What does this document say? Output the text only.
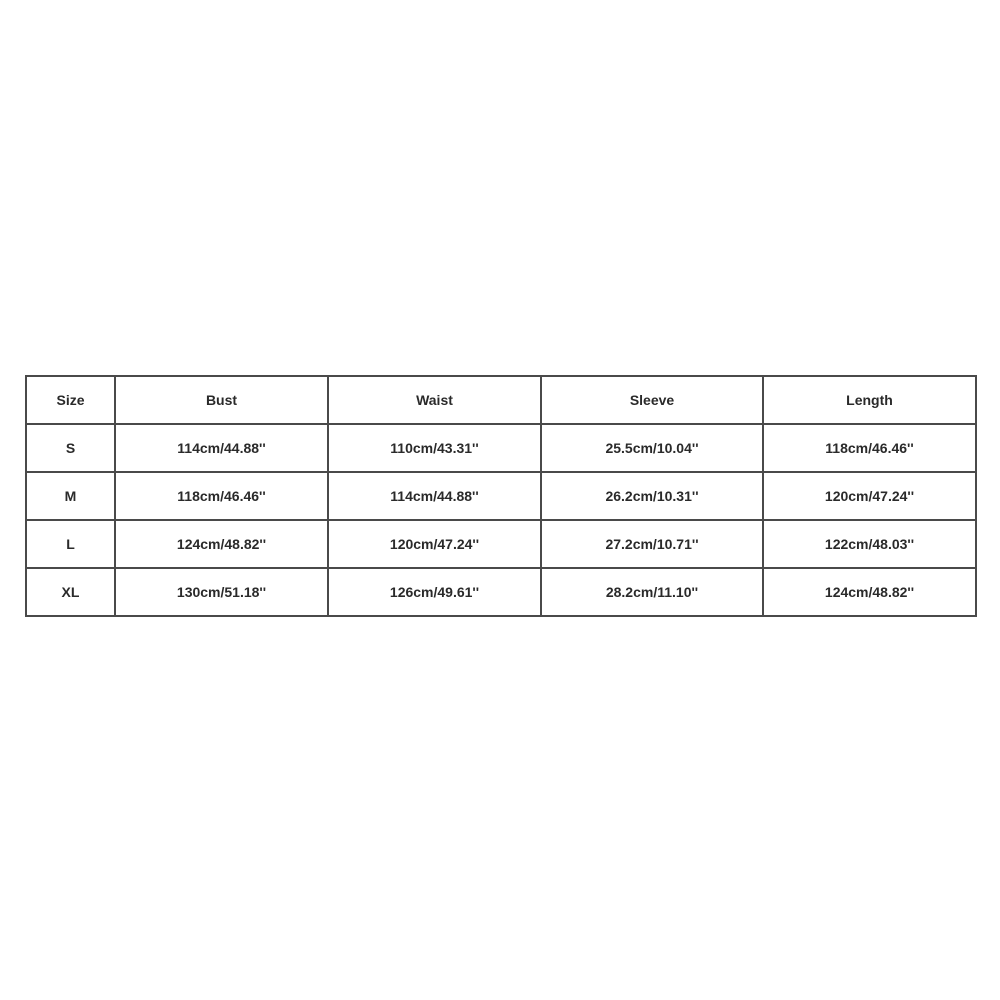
Size	Bust	Waist	Sleeve	Length
S	114cm/44.88''	110cm/43.31''	25.5cm/10.04''	118cm/46.46''
M	118cm/46.46''	114cm/44.88''	26.2cm/10.31''	120cm/47.24''
L	124cm/48.82''	120cm/47.24''	27.2cm/10.71''	122cm/48.03''
XL	130cm/51.18''	126cm/49.61''	28.2cm/11.10''	124cm/48.82''
